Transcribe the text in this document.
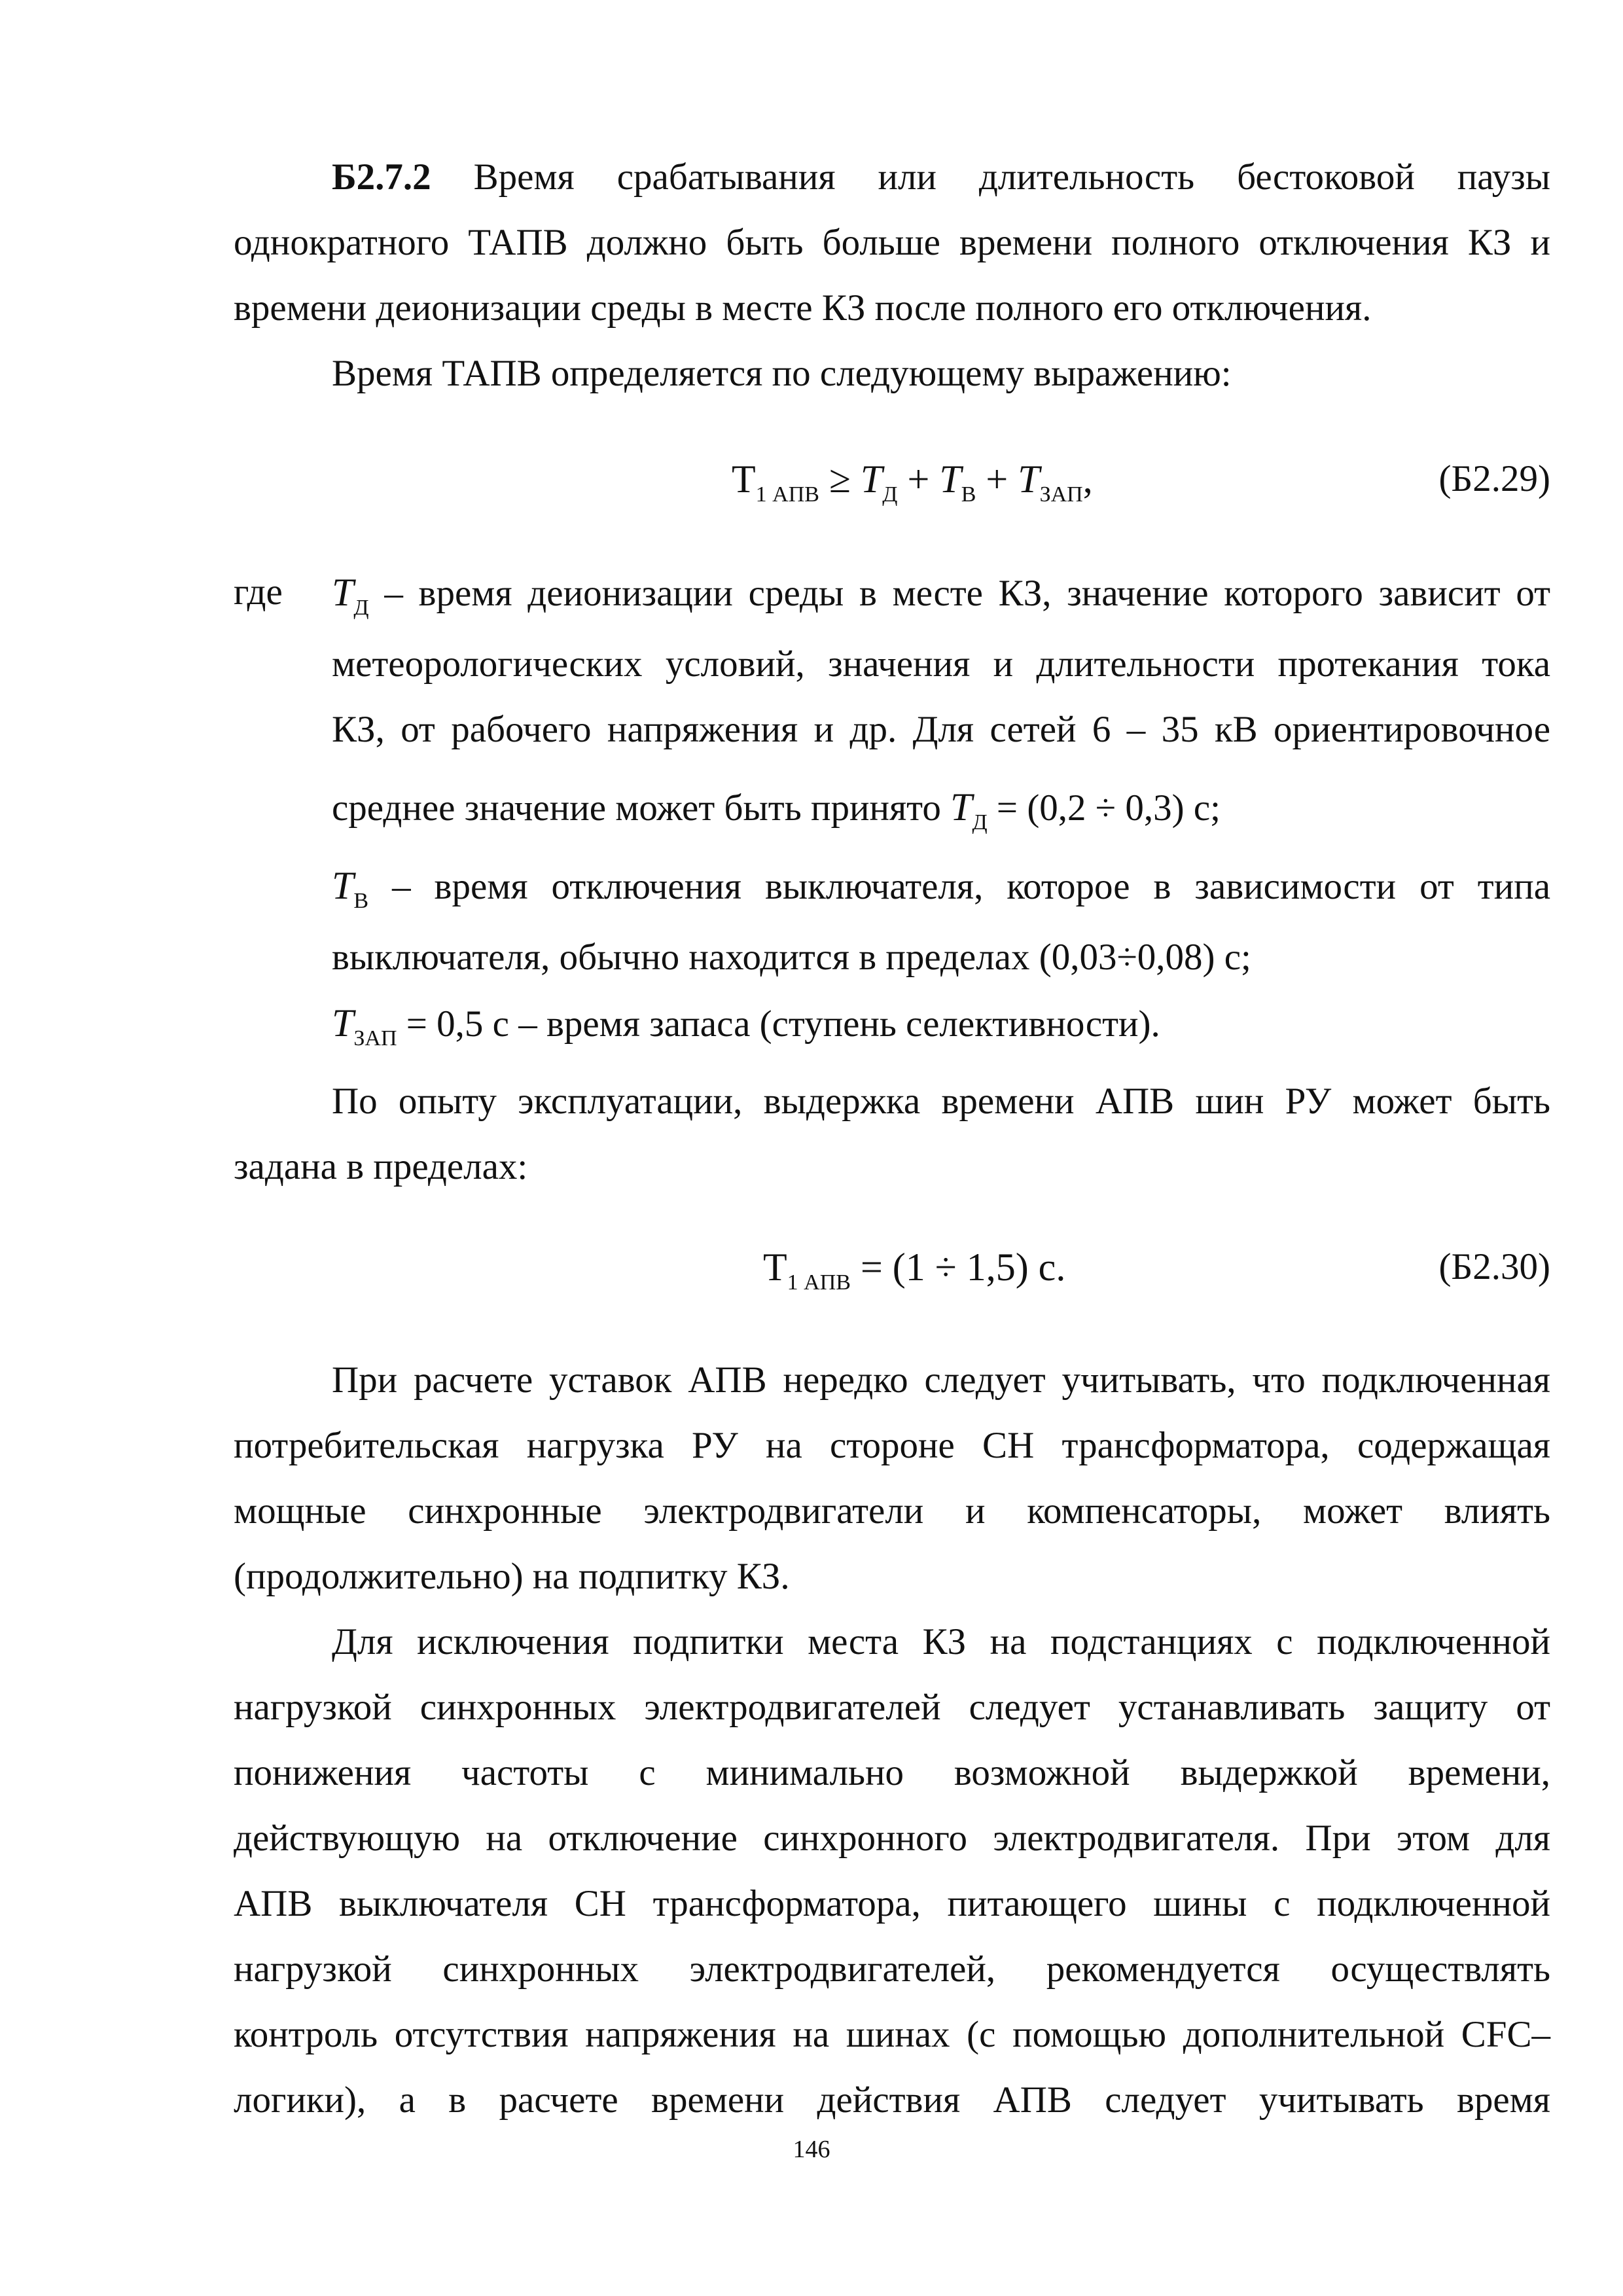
Б2.7.2 Время срабатывания или длительность бестоковой паузы
однократного ТАПВ должно быть больше времени полного отключения КЗ и
времени деионизации среды в месте КЗ после полного его отключения.
Время ТАПВ определяется по следующему выражению:
$Т_{1 АПВ} \ge T_Д + T_В + T_{ЗАП}$,	(Б2.29)
где $T_Д$ – время деионизации среды в месте КЗ, значение которого зависит от
метеорологических условий, значения и длительности протекания тока
КЗ, от рабочего напряжения и др. Для сетей 6 – 35 кВ ориентировочное
среднее значение может быть принято $T_Д = (0,2 \div 0,3)$ с;
$T_В$ – время отключения выключателя, которое в зависимости от типа
выключателя, обычно находится в пределах (0,03÷0,08) с;
$T_{ЗАП} = 0,5$ с – время запаса (ступень селективности).
По опыту эксплуатации, выдержка времени АПВ шин РУ может быть
задана в пределах:
$Т_{1 АПВ} = (1 \div 1,5)$ с.	(Б2.30)
При расчете уставок АПВ нередко следует учитывать, что подключенная
потребительская нагрузка РУ на стороне СН трансформатора, содержащая
мощные синхронные электродвигатели и компенсаторы, может влиять
(продолжительно) на подпитку КЗ.
Для исключения подпитки места КЗ на подстанциях с подключенной
нагрузкой синхронных электродвигателей следует устанавливать защиту от
понижения частоты с минимально возможной выдержкой времени,
действующую на отключение синхронного электродвигателя. При этом для
АПВ выключателя СН трансформатора, питающего шины с подключенной
нагрузкой синхронных электродвигателей, рекомендуется осуществлять
контроль отсутствия напряжения на шинах (с помощью дополнительной CFC–
логики), а в расчете времени действия АПВ следует учитывать время
146
